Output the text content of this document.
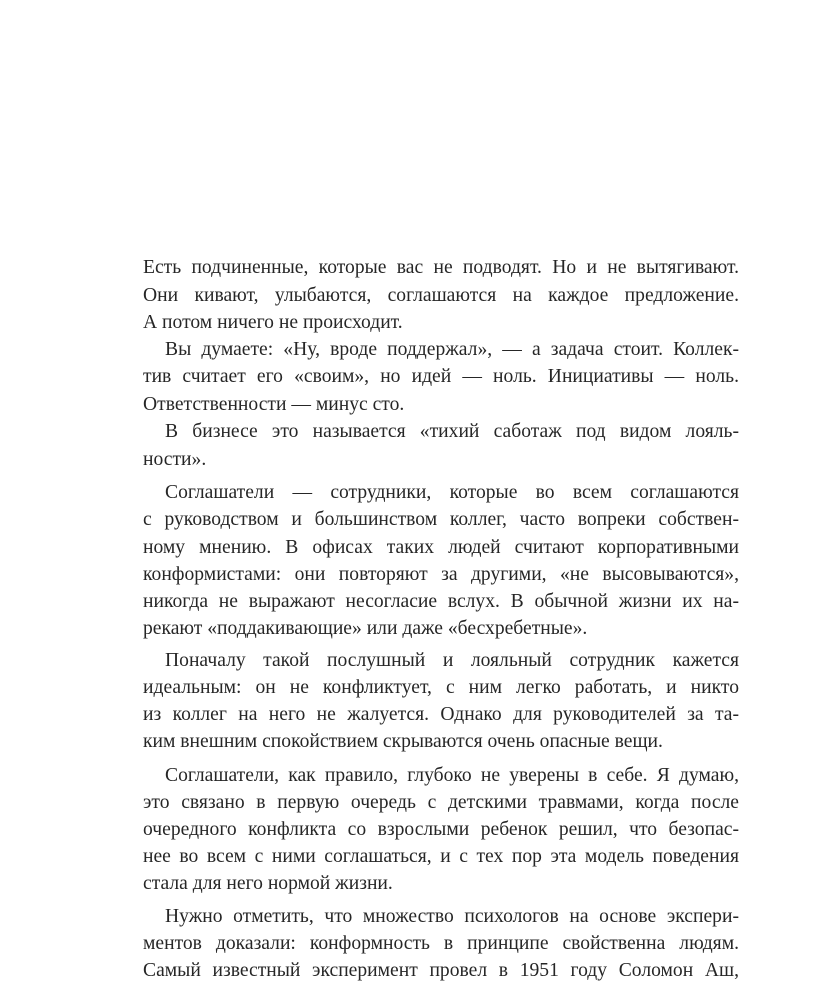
Есть подчиненные, которые вас не подводят. Но и не вытягивают.
Они кивают, улыбаются, соглашаются на каждое предложение.
А потом ничего не происходит.
Вы думаете: «Ну, вроде поддержал», — а задача стоит. Коллек-
тив считает его «своим», но идей — ноль. Инициативы — ноль.
Ответственности — минус сто.
В бизнесе это называется «тихий саботаж под видом лояль-
ности».
Соглашатели — сотрудники, которые во всем соглашаются
с руководством и большинством коллег, часто вопреки собствен-
ному мнению. В офисах таких людей считают корпоративными
конформистами: они повторяют за другими, «не высовываются»,
никогда не выражают несогласие вслух. В обычной жизни их на-
рекают «поддакивающие» или даже «бесхребетные».
Поначалу такой послушный и лояльный сотрудник кажется
идеальным: он не конфликтует, с ним легко работать, и никто
из коллег на него не жалуется. Однако для руководителей за та-
ким внешним спокойствием скрываются очень опасные вещи.
Соглашатели, как правило, глубоко не уверены в себе. Я думаю,
это связано в первую очередь с детскими травмами, когда после
очередного конфликта со взрослыми ребенок решил, что безопас-
нее во всем с ними соглашаться, и с тех пор эта модель поведения
стала для него нормой жизни.
Нужно отметить, что множество психологов на основе экспери-
ментов доказали: конформность в принципе свойственна людям.
Самый известный эксперимент провел в 1951 году Соломон Аш,
